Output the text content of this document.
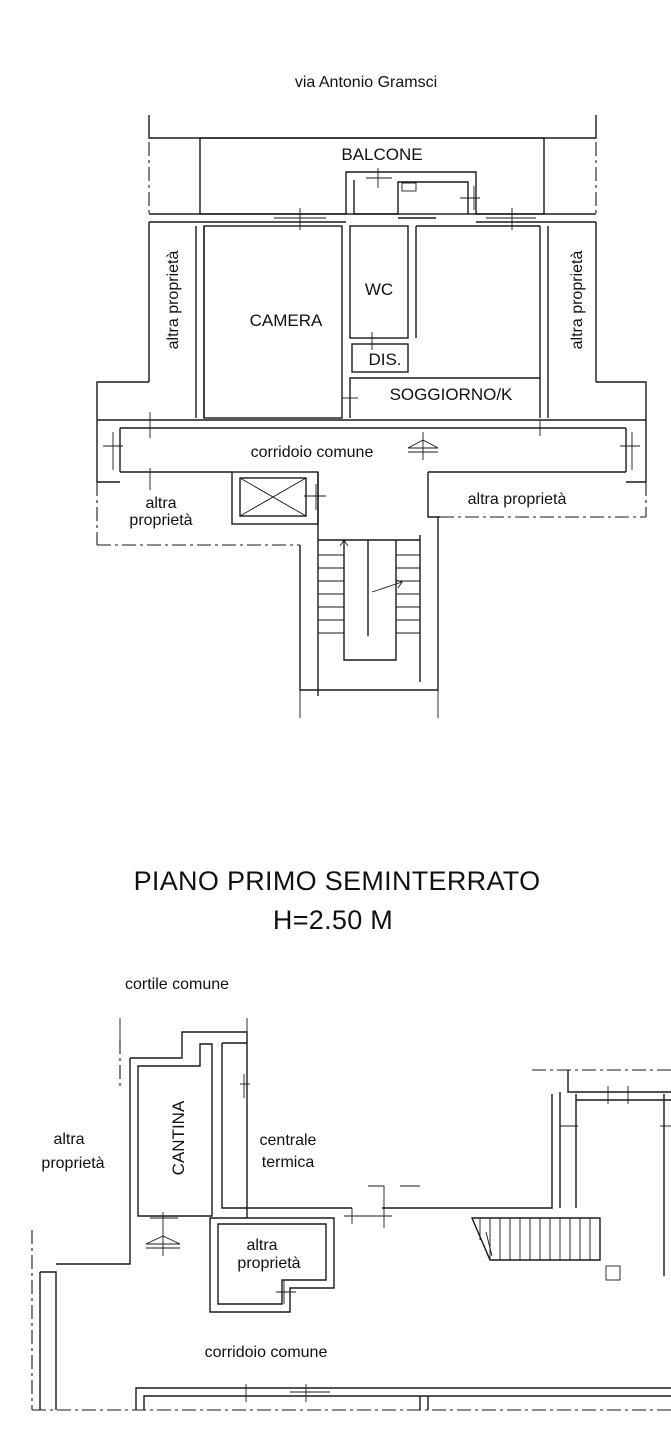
via Antonio Gramsci
BALCONE
altra proprietà	altra proprietà
CAMERA
WC
DIS.
SOGGIORNO/K
corridoio comune
altra
proprietà
altra proprietà
PIANO PRIMO SEMINTERRATO
H=2.50 M
cortile comune
CANTINA
altra
proprietà
centrale
termica
altra
proprietà
corridoio comune
